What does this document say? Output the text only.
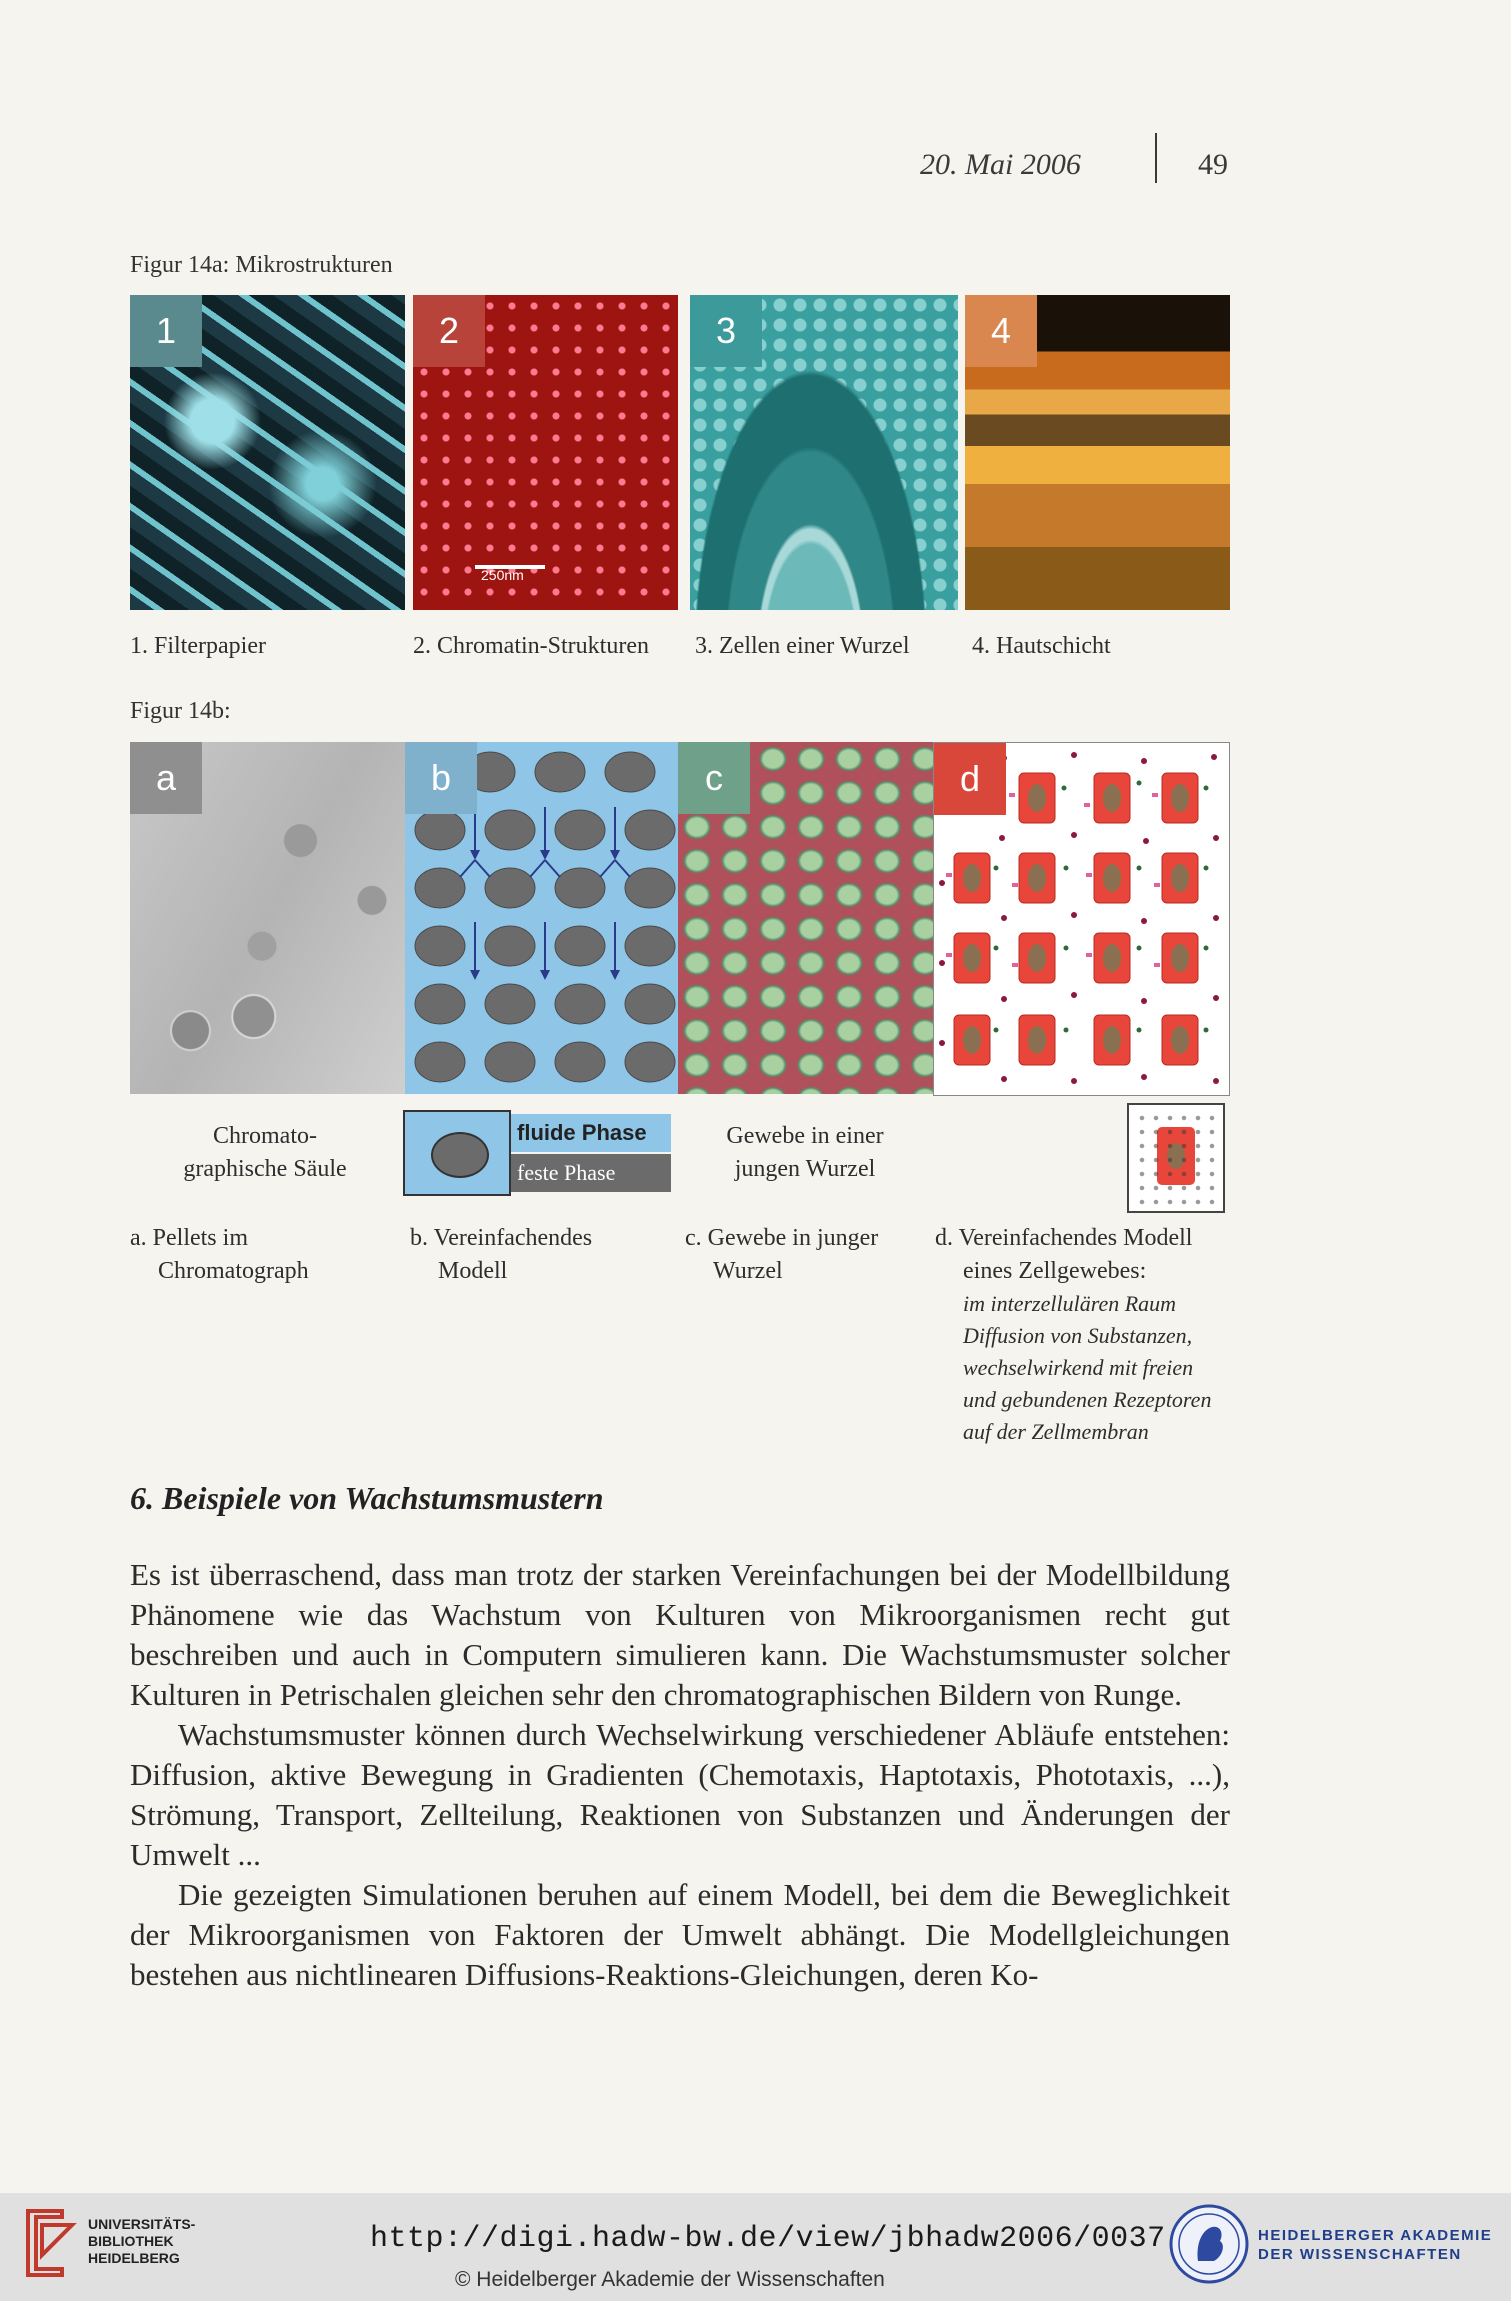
20. Mai 2006	49
Figur 14a: Mikrostrukturen
1	2
250nm
3	4
1. Filterpapier	2. Chromatin-Strukturen 3. Zellen einer Wurzel	4. Hautschicht
Figur 14b:
a	b	c	d
Chromato-
graphische Säule
fluide Phase
feste Phase
Gewebe in einer
jungen Wurzel
a. Pellets im
Chromatograph
b. Vereinfachendes
Modell
c. Gewebe in junger
Wurzel
d. Vereinfachendes Modell
eines Zellgewebes:
im interzellulären Raum
Diffusion von Substanzen,
wechselwirkend mit freien
und gebundenen Rezeptoren
auf der Zellmembran
6. Beispiele von Wachstumsmustern

Es ist überraschend, dass man trotz der starken Vereinfachungen bei der Modellbildung Phänomene wie das Wachstum von Kulturen von Mikroorganismen recht gut beschreiben und auch in Computern simulieren kann. Die Wachstumsmuster solcher Kulturen in Petrischalen gleichen sehr den chromatographischen Bildern von Runge.

Wachstumsmuster können durch Wechselwirkung verschiedener Abläufe entstehen: Diffusion, aktive Bewegung in Gradienten (Chemotaxis, Haptotaxis, Phototaxis, ...), Strömung, Transport, Zellteilung, Reaktionen von Substanzen und Änderungen der Umwelt ...

Die gezeigten Simulationen beruhen auf einem Modell, bei dem die Beweglichkeit der Mikroorganismen von Faktoren der Umwelt abhängt. Die Modellgleichungen bestehen aus nichtlinearen Diffusions-Reaktions-Gleichungen, deren Ko-

UNIVERSITÄTS-
BIBLIOTHEK
HEIDELBERG
http://digi.hadw-bw.de/view/jbhadw2006/0037
© Heidelberger Akademie der Wissenschaften
HEIDELBERGER AKADEMIE
DER WISSENSCHAFTEN
